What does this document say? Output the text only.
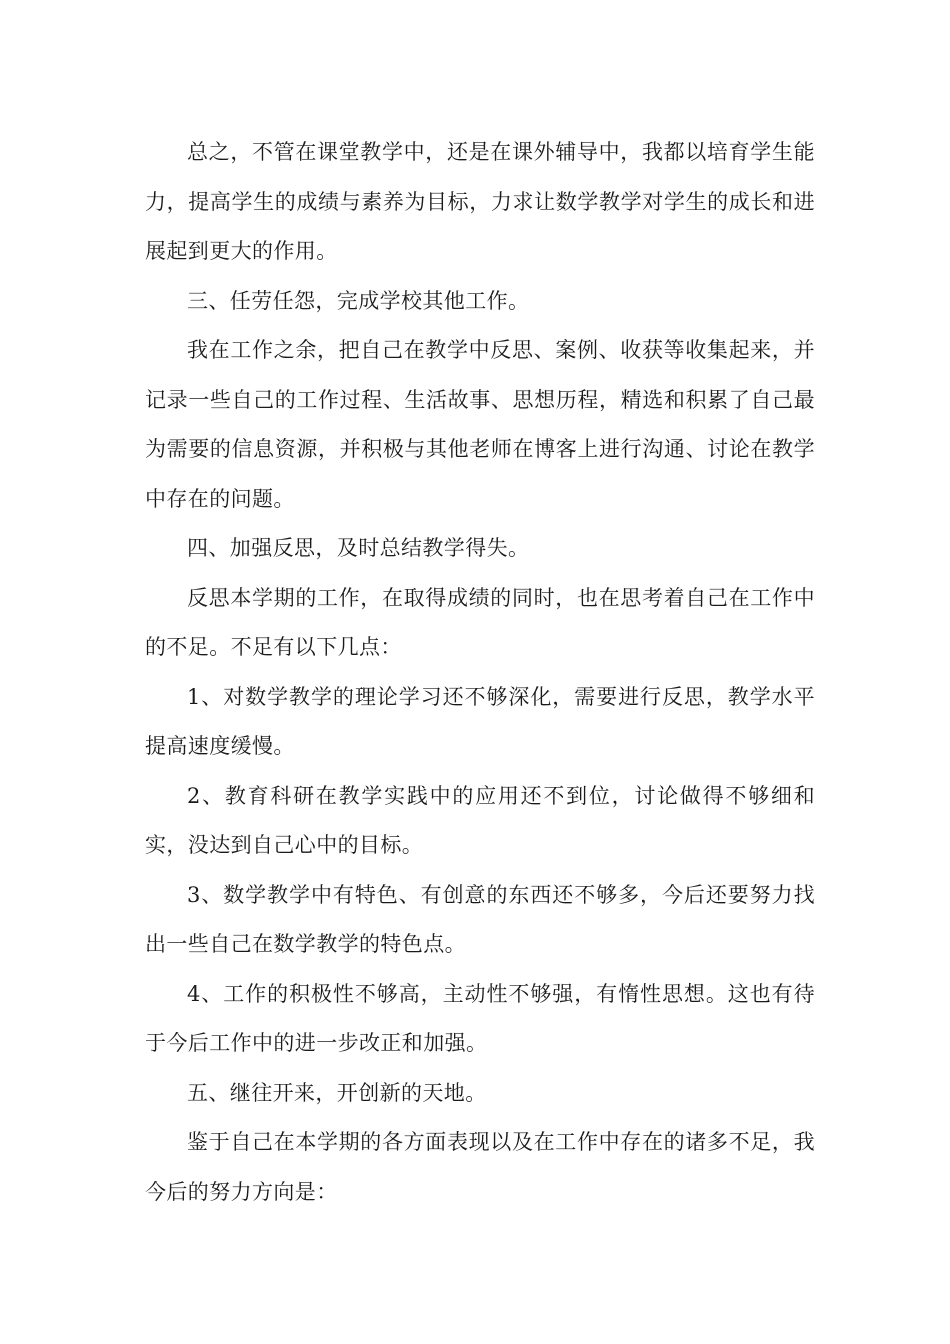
总之，不管在课堂教学中，还是在课外辅导中，我都以培育学生能力，提高学生的成绩与素养为目标，力求让数学教学对学生的成长和进展起到更大的作用。

三、任劳任怨，完成学校其他工作。

我在工作之余，把自己在教学中反思、案例、收获等收集起来，并记录一些自己的工作过程、生活故事、思想历程，精选和积累了自己最为需要的信息资源，并积极与其他老师在博客上进行沟通、讨论在教学中存在的问题。

四、加强反思，及时总结教学得失。

反思本学期的工作，在取得成绩的同时，也在思考着自己在工作中的不足。不足有以下几点：

1、对数学教学的理论学习还不够深化，需要进行反思，教学水平提高速度缓慢。

2、教育科研在教学实践中的应用还不到位，讨论做得不够细和实，没达到自己心中的目标。

3、数学教学中有特色、有创意的东西还不够多，今后还要努力找出一些自己在数学教学的特色点。

4、工作的积极性不够高，主动性不够强，有惰性思想。这也有待于今后工作中的进一步改正和加强。

五、继往开来，开创新的天地。

鉴于自己在本学期的各方面表现以及在工作中存在的诸多不足，我今后的努力方向是：
